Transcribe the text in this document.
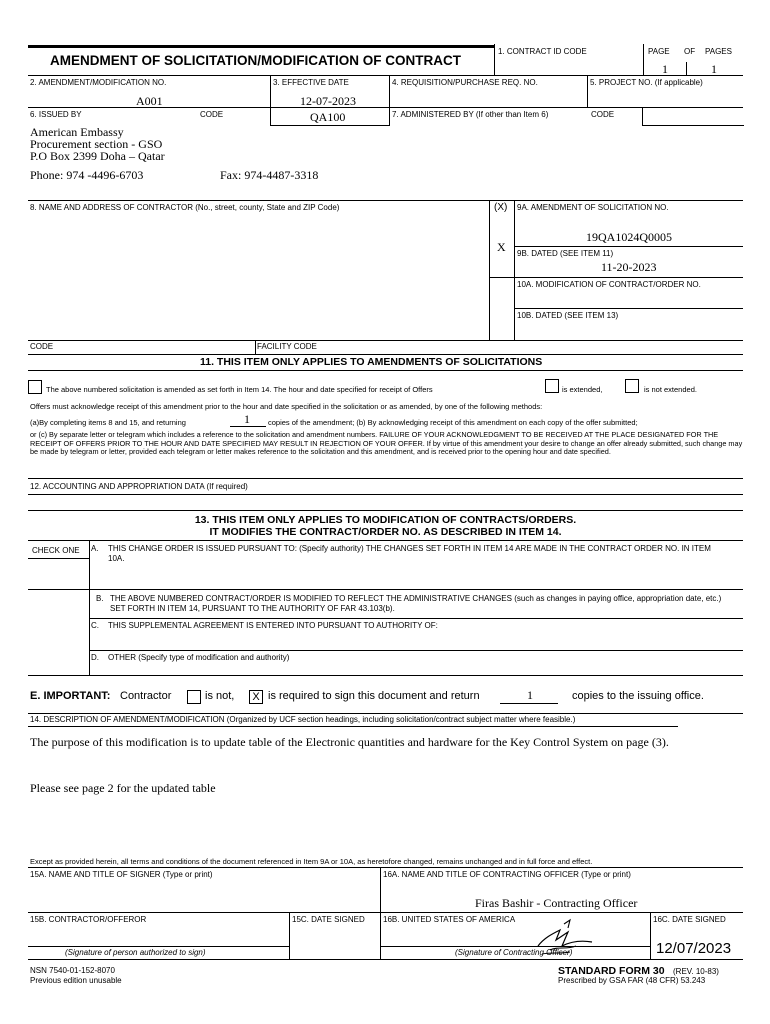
AMENDMENT OF SOLICITATION/MODIFICATION OF CONTRACT
1. CONTRACT ID CODE	PAGE OF PAGES
1	1
2. AMENDMENT/MODIFICATION NO.
A001
3. EFFECTIVE DATE
12-07-2023
4. REQUISITION/PURCHASE REQ. NO.	5. PROJECT NO. (If applicable)
6. ISSUED BY	CODE	QA100	7. ADMINISTERED BY (If other than Item 6)	CODE
American Embassy
Procurement section - GSO
P.O Box 2399 Doha – Qatar
Phone: 974 -4496-6703	Fax: 974-4487-3318
8. NAME AND ADDRESS OF CONTRACTOR (No., street, county, State and ZIP Code)	(X) 9A. AMENDMENT OF SOLICITATION NO.
19QA1024Q0005
X 9B. DATED (SEE ITEM 11)
11-20-2023
10A. MODIFICATION OF CONTRACT/ORDER NO.
10B. DATED (SEE ITEM 13)
CODE	FACILITY CODE
11. THIS ITEM ONLY APPLIES TO AMENDMENTS OF SOLICITATIONS
The above numbered solicitation is amended as set forth in Item 14. The hour and date specified for receipt of Offers	is extended,	is not extended.
Offers must acknowledge receipt of this amendment prior to the hour and date specified in the solicitation or as amended, by one of the following methods:
(a)By completing items 8 and 15, and returning	1 copies of the amendment; (b) By acknowledging receipt of this amendment on each copy of the offer submitted;
or (c) By separate letter or telegram which includes a reference to the solicitation and amendment numbers. FAILURE OF YOUR ACKNOWLEDGMENT TO BE RECEIVED AT THE PLACE DESIGNATED FOR THE RECEIPT OF OFFERS PRIOR TO THE HOUR AND DATE SPECIFIED MAY RESULT IN REJECTION OF YOUR OFFER. If by virtue of this amendment your desire to change an offer already submitted, such change may be made by telegram or letter, provided each telegram or letter makes reference to the solicitation and this amendment, and is received prior to the opening hour and date specified.
12. ACCOUNTING AND APPROPRIATION DATA (If required)
13. THIS ITEM ONLY APPLIES TO MODIFICATION OF CONTRACTS/ORDERS.
IT MODIFIES THE CONTRACT/ORDER NO. AS DESCRIBED IN ITEM 14.
CHECK ONE A. THIS CHANGE ORDER IS ISSUED PURSUANT TO: (Specify authority) THE CHANGES SET FORTH IN ITEM 14 ARE MADE IN THE CONTRACT ORDER NO. IN ITEM 10A.
B. THE ABOVE NUMBERED CONTRACT/ORDER IS MODIFIED TO REFLECT THE ADMINISTRATIVE CHANGES (such as changes in paying office, appropriation date, etc.) SET FORTH IN ITEM 14, PURSUANT TO THE AUTHORITY OF FAR 43.103(b).
C. THIS SUPPLEMENTAL AGREEMENT IS ENTERED INTO PURSUANT TO AUTHORITY OF:
D. OTHER (Specify type of modification and authority)
E. IMPORTANT: Contractor	is not,	X is required to sign this document and return	1	copies to the issuing office.
14. DESCRIPTION OF AMENDMENT/MODIFICATION (Organized by UCF section headings, including solicitation/contract subject matter where feasible.)
The purpose of this modification is to update table of the Electronic quantities and hardware for the Key Control System on page (3).
Please see page 2 for the updated table
Except as provided herein, all terms and conditions of the document referenced in Item 9A or 10A, as heretofore changed, remains unchanged and in full force and effect.
15A. NAME AND TITLE OF SIGNER (Type or print)	16A. NAME AND TITLE OF CONTRACTING OFFICER (Type or print)
Firas Bashir - Contracting Officer
15B. CONTRACTOR/OFFEROR	15C. DATE SIGNED 16B. UNITED STATES OF AMERICA	16C. DATE SIGNED
12/07/2023
(Signature of person authorized to sign)	(Signature of Contracting Officer)
NSN 7540-01-152-8070
Previous edition unusable
STANDARD FORM 30 (REV. 10-83)
Prescribed by GSA FAR (48 CFR) 53.243
